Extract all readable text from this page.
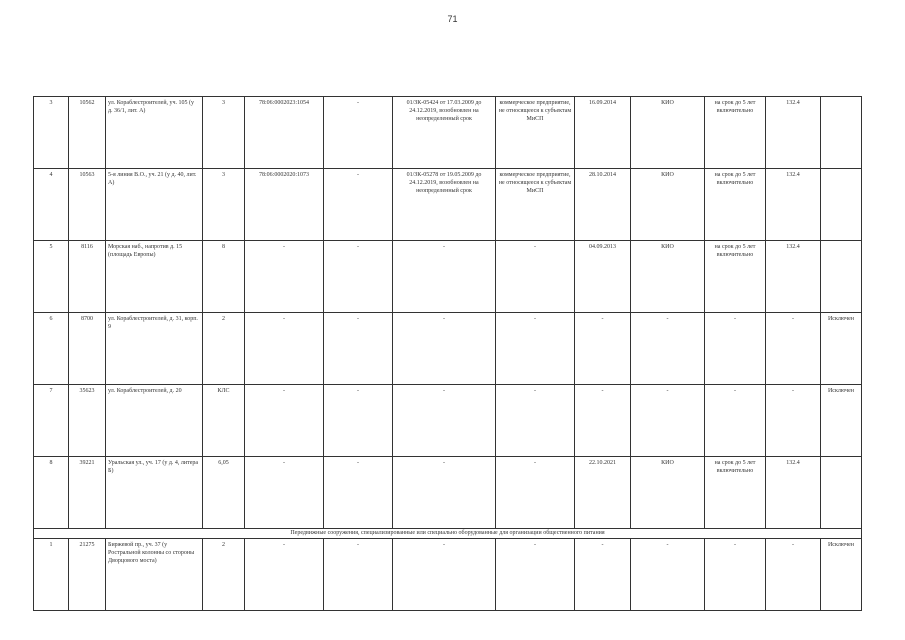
71
3	10562	ул. Кораблестроителей, уч. 105 (у д. 36/1, лит. А)	3	78:06:0002023:1054	-	01/ЗК-05424 от 17.03.2009 до 24.12.2019, возобновлен на неопределенный срок	коммерческое предприятие, не относящееся к субъектам МиСП	16.09.2014	КИО	на срок до 5 лет включительно	132.4	
4	10563	5-я линия В.О., уч. 21 (у д. 40, лит. А)	3	78:06:0002020:1073	-	01/ЗК-05278 от 19.05.2009 до 24.12.2019, возобновлен на неопределенный срок	коммерческое предприятие, не относящееся к субъектам МиСП	28.10.2014	КИО	на срок до 5 лет включительно	132.4	
5	8116	Морская наб., напротив д. 15 (площадь Европы)	8	-	-	-	-	04.09.2013	КИО	на срок до 5 лет включительно	132.4	
6	8700	ул. Кораблестроителей, д. 31, корп. 9	2	-	-	-	-	-	-	-	-	Исключен
7	35623	ул. Кораблестроителей, д. 20	КЛС	-	-	-	-	-	-	-	-	Исключен
8	39221	Уральская ул., уч. 17 (у д. 4, литера Б)	6,05	-	-	-	-	22.10.2021	КИО	на срок до 5 лет включительно	132.4	
Передвижные сооружения, специализированные или специально оборудованные для организации общественного питания												
1	21275	Биржевой пр., уч. 37 (у Ростральной колонны со стороны Дворцового моста)	2	-	-	-	-	-	-	-	-	Исключен
